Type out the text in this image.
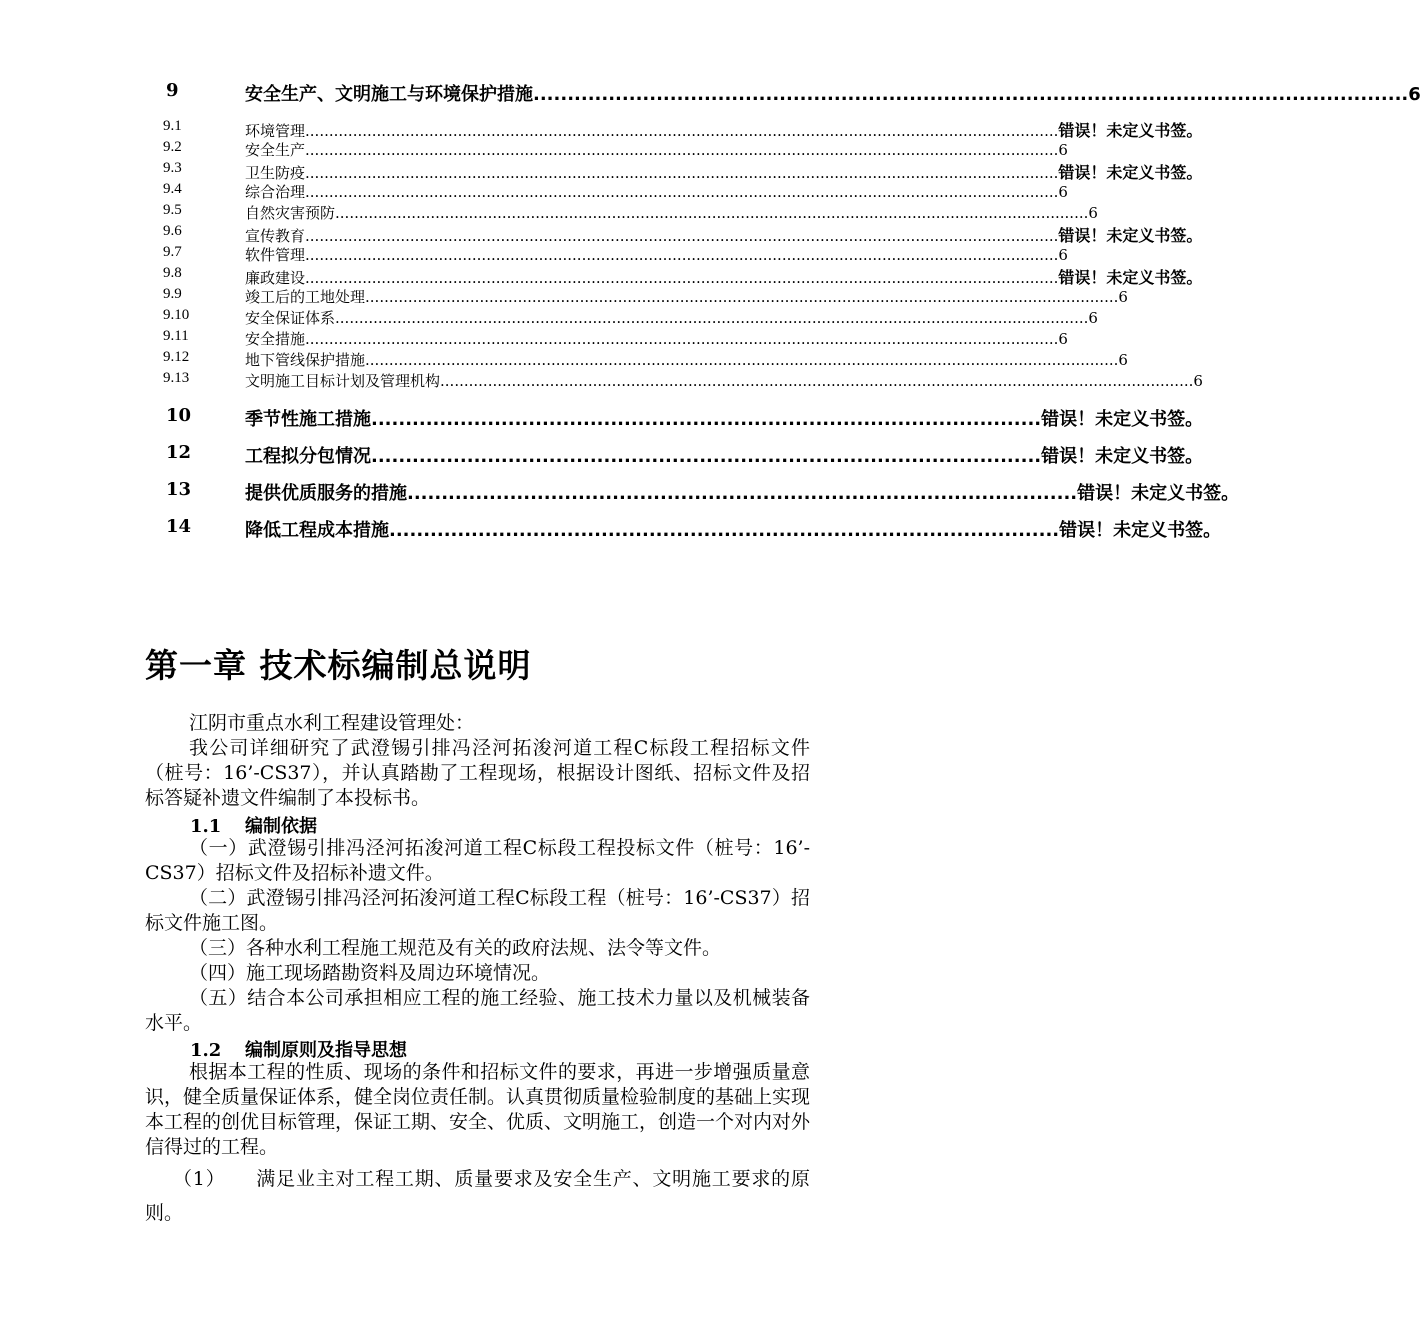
9	安全生产、文明施工与环境保护措施 ................................................................................................................................ 6
9.1	环境管理 .............................................................................................................................................................. 错误！未定义书签。
9.2	安全生产 .............................................................................................................................................................. 6
9.3	卫生防疫 .............................................................................................................................................................. 错误！未定义书签。
9.4	综合治理 .............................................................................................................................................................. 6
9.5	自然灾害预防 .............................................................................................................................................................. 6
9.6	宣传教育 .............................................................................................................................................................. 错误！未定义书签。
9.7	软件管理 .............................................................................................................................................................. 6
9.8	廉政建设 .............................................................................................................................................................. 错误！未定义书签。
9.9	竣工后的工地处理 .............................................................................................................................................................. 6
9.10	安全保证体系 .............................................................................................................................................................. 6
9.11	安全措施 .............................................................................................................................................................. 6
9.12	地下管线保护措施 .............................................................................................................................................................. 6
9.13	文明施工目标计划及管理机构 .............................................................................................................................................................. 6
10	季节性施工措施 .................................................................................................. 错误！未定义书签。
12	工程拟分包情况 .................................................................................................. 错误！未定义书签。
13	提供优质服务的措施 .................................................................................................. 错误！未定义书签。
14	降低工程成本措施 .................................................................................................. 错误！未定义书签。
第一章 技术标编制总说明
江阴市重点水利工程建设管理处：
我公司详细研究了武澄锡引排冯泾河拓浚河道工程C标段工程招标文件（桩号：16’-CS37），并认真踏勘了工程现场，根据设计图纸、招标文件及招标答疑补遗文件编制了本投标书。
1.1 编制依据
（一）武澄锡引排冯泾河拓浚河道工程C标段工程投标文件（桩号：16’-CS37）招标文件及招标补遗文件。
（二）武澄锡引排冯泾河拓浚河道工程C标段工程（桩号：16’-CS37）招标文件施工图。
（三）各种水利工程施工规范及有关的政府法规、法令等文件。
（四）施工现场踏勘资料及周边环境情况。
（五）结合本公司承担相应工程的施工经验、施工技术力量以及机械装备水平。
1.2 编制原则及指导思想
根据本工程的性质、现场的条件和招标文件的要求，再进一步增强质量意识，健全质量保证体系，健全岗位责任制。认真贯彻质量检验制度的基础上实现本工程的创优目标管理，保证工期、安全、优质、文明施工，创造一个对内对外信得过的工程。
（1） 满足业主对工程工期、质量要求及安全生产、文明施工要求的原则。
